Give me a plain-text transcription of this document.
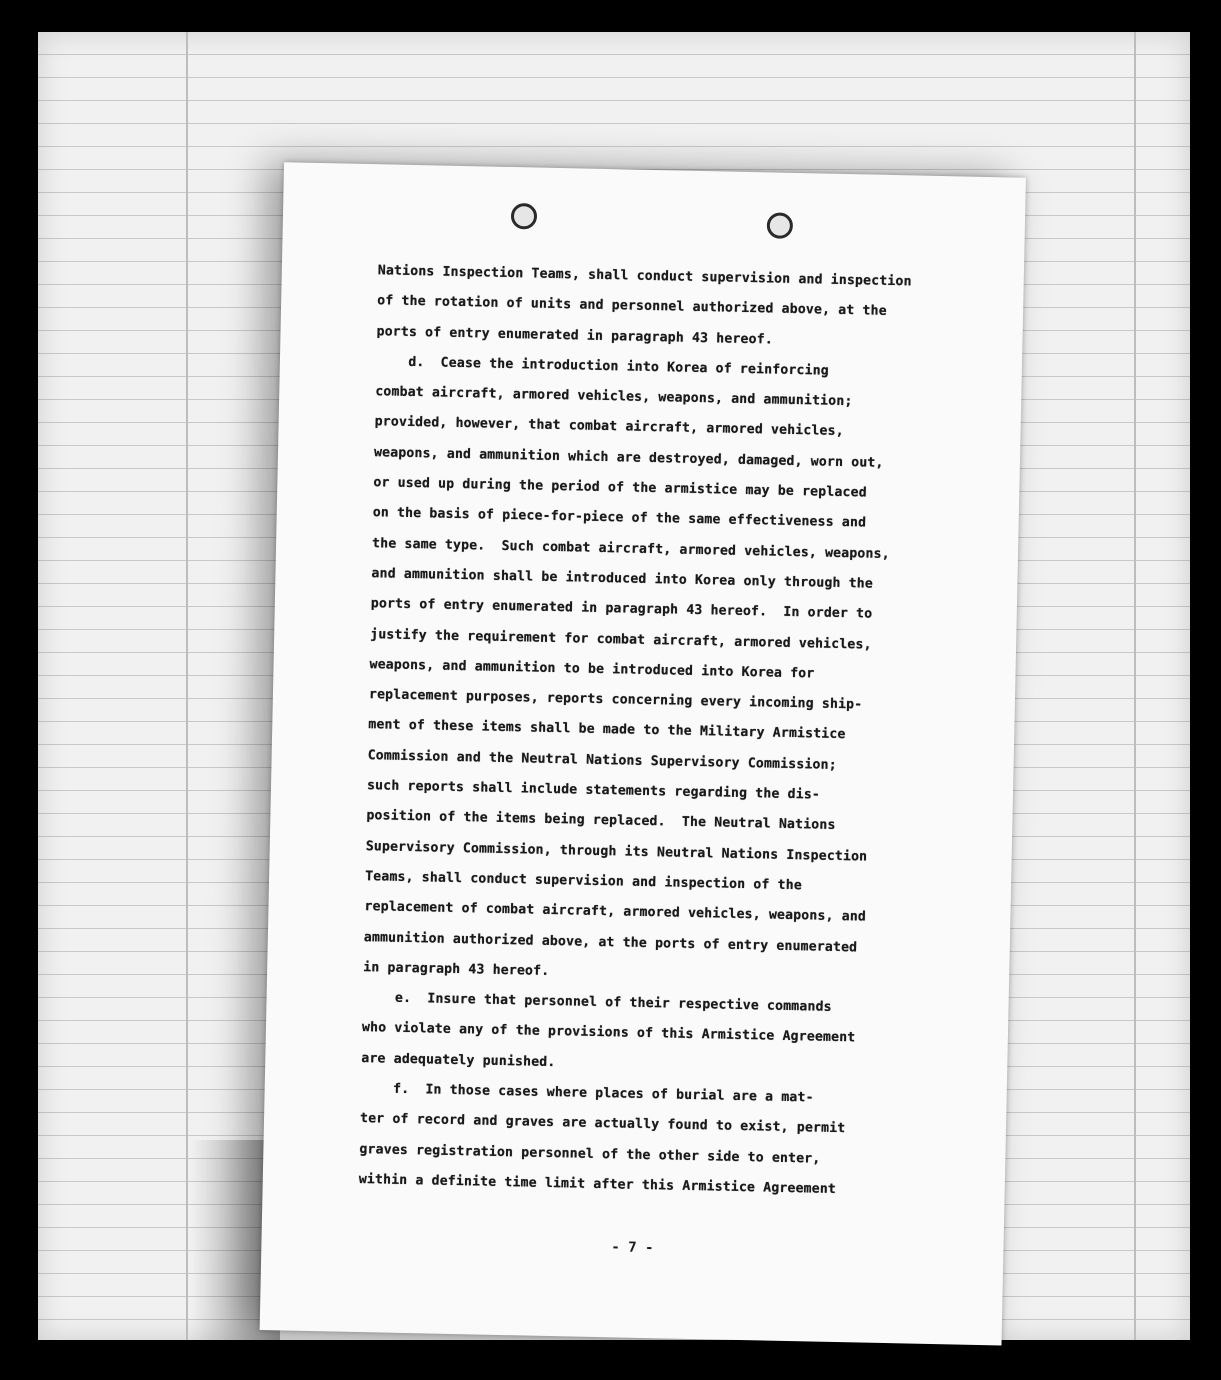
Nations Inspection Teams, shall conduct supervision and inspection
of the rotation of units and personnel authorized above, at the
ports of entry enumerated in paragraph 43 hereof.
d.  Cease the introduction into Korea of reinforcing
combat aircraft, armored vehicles, weapons, and ammunition;
provided, however, that combat aircraft, armored vehicles,
weapons, and ammunition which are destroyed, damaged, worn out,
or used up during the period of the armistice may be replaced
on the basis of piece-for-piece of the same effectiveness and
the same type.  Such combat aircraft, armored vehicles, weapons,
and ammunition shall be introduced into Korea only through the
ports of entry enumerated in paragraph 43 hereof.  In order to
justify the requirement for combat aircraft, armored vehicles,
weapons, and ammunition to be introduced into Korea for
replacement purposes, reports concerning every incoming ship-
ment of these items shall be made to the Military Armistice
Commission and the Neutral Nations Supervisory Commission;
such reports shall include statements regarding the dis-
position of the items being replaced.  The Neutral Nations
Supervisory Commission, through its Neutral Nations Inspection
Teams, shall conduct supervision and inspection of the
replacement of combat aircraft, armored vehicles, weapons, and
ammunition authorized above, at the ports of entry enumerated
in paragraph 43 hereof.
e.  Insure that personnel of their respective commands
who violate any of the provisions of this Armistice Agreement
are adequately punished.
f.  In those cases where places of burial are a mat-
ter of record and graves are actually found to exist, permit
graves registration personnel of the other side to enter,
within a definite time limit after this Armistice Agreement
- 7 -
